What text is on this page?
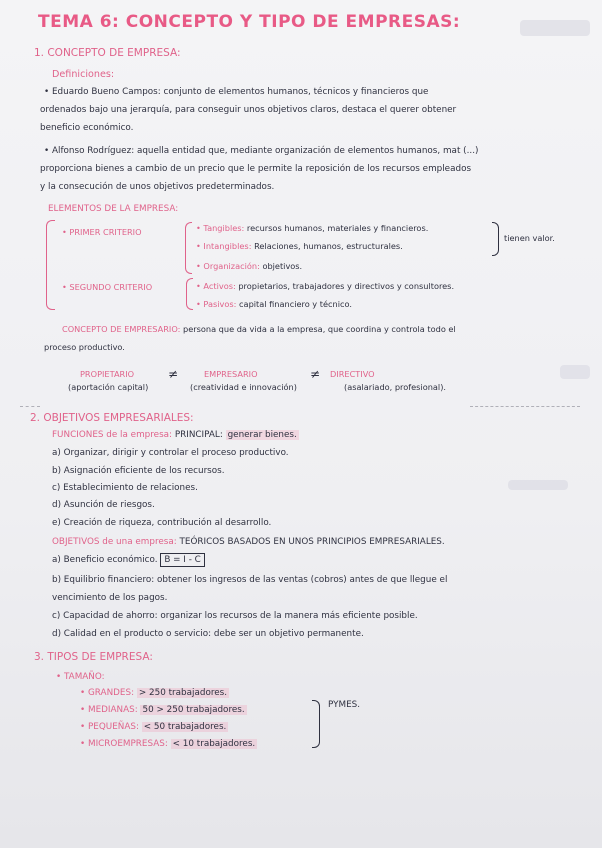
TEMA 6: CONCEPTO Y TIPO DE EMPRESAS:
1. CONCEPTO DE EMPRESA:
Definiciones:
• Eduardo Bueno Campos: conjunto de elementos humanos, técnicos y financieros que
ordenados bajo una jerarquía, para conseguir unos objetivos claros, destaca el querer obtener
beneficio económico.
• Alfonso Rodríguez: aquella entidad que, mediante organización de elementos humanos, mat (...)
proporciona bienes a cambio de un precio que le permite la reposición de los recursos empleados
y la consecución de unos objetivos predeterminados.
ELEMENTOS DE LA EMPRESA:
• PRIMER CRITERIO	• Tangibles: recursos humanos, materiales y financieros.
• Intangibles: Relaciones, humanos, estructurales.
• Organización: objetivos.
tienen valor.
• SEGUNDO CRITERIO	• Activos: propietarios, trabajadores y directivos y consultores.
• Pasivos: capital financiero y técnico.
CONCEPTO DE EMPRESARIO: persona que da vida a la empresa, que coordina y controla todo el
proceso productivo.
PROPIETARIO
(aportación capital)
≠	EMPRESARIO
(creatividad e innovación)
≠ DIRECTIVO
(asalariado, profesional).
2. OBJETIVOS EMPRESARIALES:
FUNCIONES de la empresa: PRINCIPAL: generar bienes.
a) Organizar, dirigir y controlar el proceso productivo.
b) Asignación eficiente de los recursos.
c) Establecimiento de relaciones.
d) Asunción de riesgos.
e) Creación de riqueza, contribución al desarrollo.
OBJETIVOS de una empresa: TEÓRICOS BASADOS EN UNOS PRINCIPIOS EMPRESARIALES.
a) Beneficio económico. B = I - C
b) Equilibrio financiero: obtener los ingresos de las ventas (cobros) antes de que llegue el
vencimiento de los pagos.
c) Capacidad de ahorro: organizar los recursos de la manera más eficiente posible.
d) Calidad en el producto o servicio: debe ser un objetivo permanente.
3. TIPOS DE EMPRESA:
• TAMAÑO:
• GRANDES: > 250 trabajadores.
• MEDIANAS: 50 > 250 trabajadores.
• PEQUEÑAS: < 50 trabajadores.
• MICROEMPRESAS: < 10 trabajadores.
PYMES.
